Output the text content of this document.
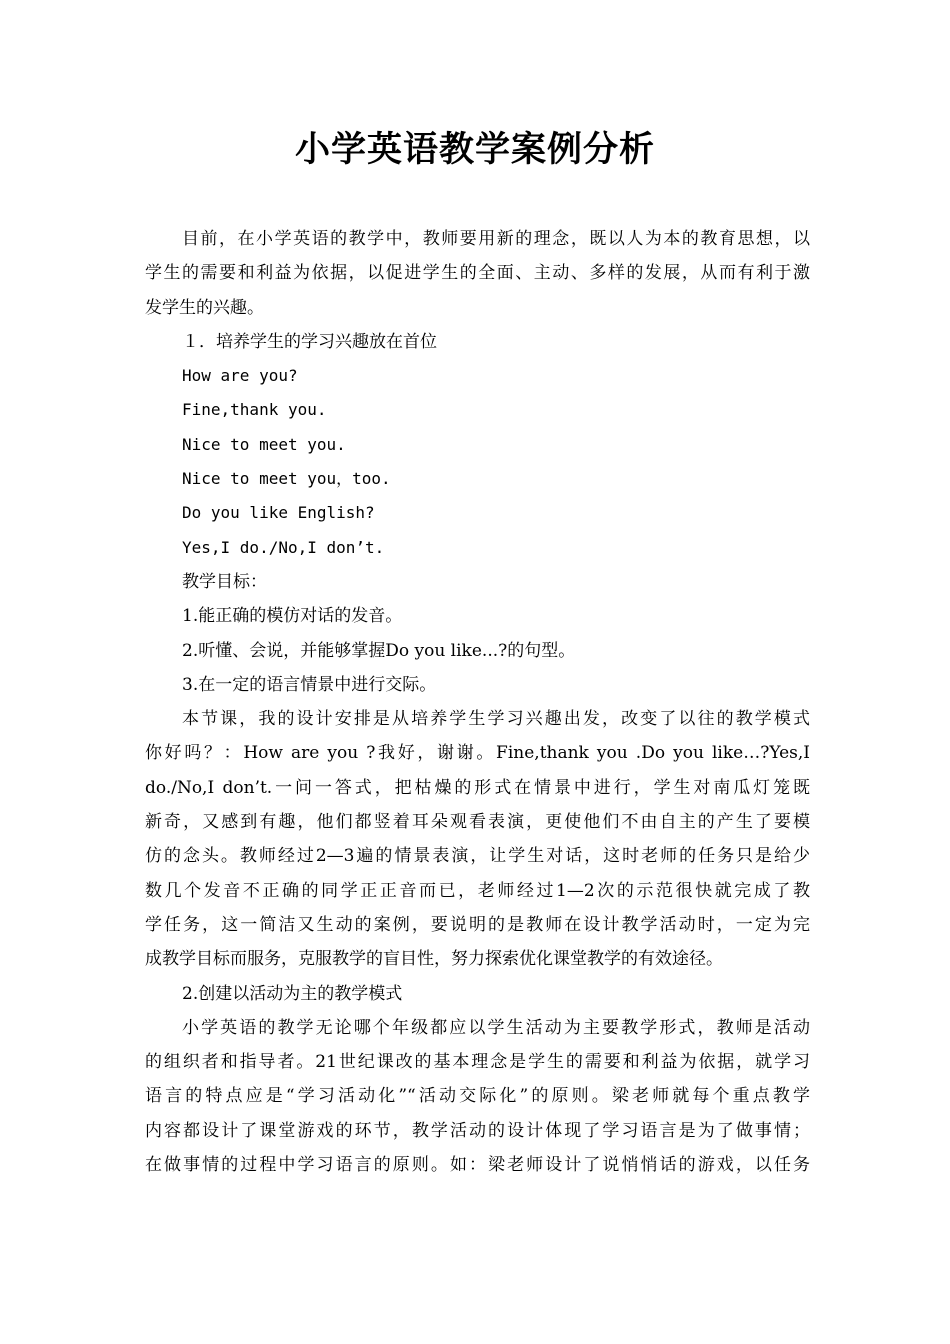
小学英语教学案例分析
目前，在小学英语的教学中，教师要用新的理念，既以人为本的教育思想，以
学生的需要和利益为依据，以促进学生的全面、主动、多样的发展，从而有利于激
发学生的兴趣。
１．培养学生的学习兴趣放在首位
How are you?
Fine,thank you.
Nice to meet you.
Nice to meet you，too.
Do you like English?
Yes,I do./No,I don’t.
教学目标：
1.能正确的模仿对话的发音。
2.听懂、会说，并能够掌握Do you like...?的句型。
3.在一定的语言情景中进行交际。
本节课，我的设计安排是从培养学生学习兴趣出发，改变了以往的教学模式
你好吗？：How are you ?我好，谢谢。Fine,thank you .Do you like…?Yes,I
do./No,I don’t.一问一答式，把枯燥的形式在情景中进行，学生对南瓜灯笼既
新奇，又感到有趣，他们都竖着耳朵观看表演，更使他们不由自主的产生了要模
仿的念头。教师经过2—3遍的情景表演，让学生对话，这时老师的任务只是给少
数几个发音不正确的同学正正音而已，老师经过1—2次的示范很快就完成了教
学任务，这一简洁又生动的案例，要说明的是教师在设计教学活动时，一定为完
成教学目标而服务，克服教学的盲目性，努力探索优化课堂教学的有效途径。
2.创建以活动为主的教学模式
小学英语的教学无论哪个年级都应以学生活动为主要教学形式，教师是活动
的组织者和指导者。21世纪课改的基本理念是学生的需要和利益为依据，就学习
语言的特点应是“学习活动化”“活动交际化”的原则。梁老师就每个重点教学
内容都设计了课堂游戏的环节，教学活动的设计体现了学习语言是为了做事情；
在做事情的过程中学习语言的原则。如：梁老师设计了说悄悄话的游戏，以任务
